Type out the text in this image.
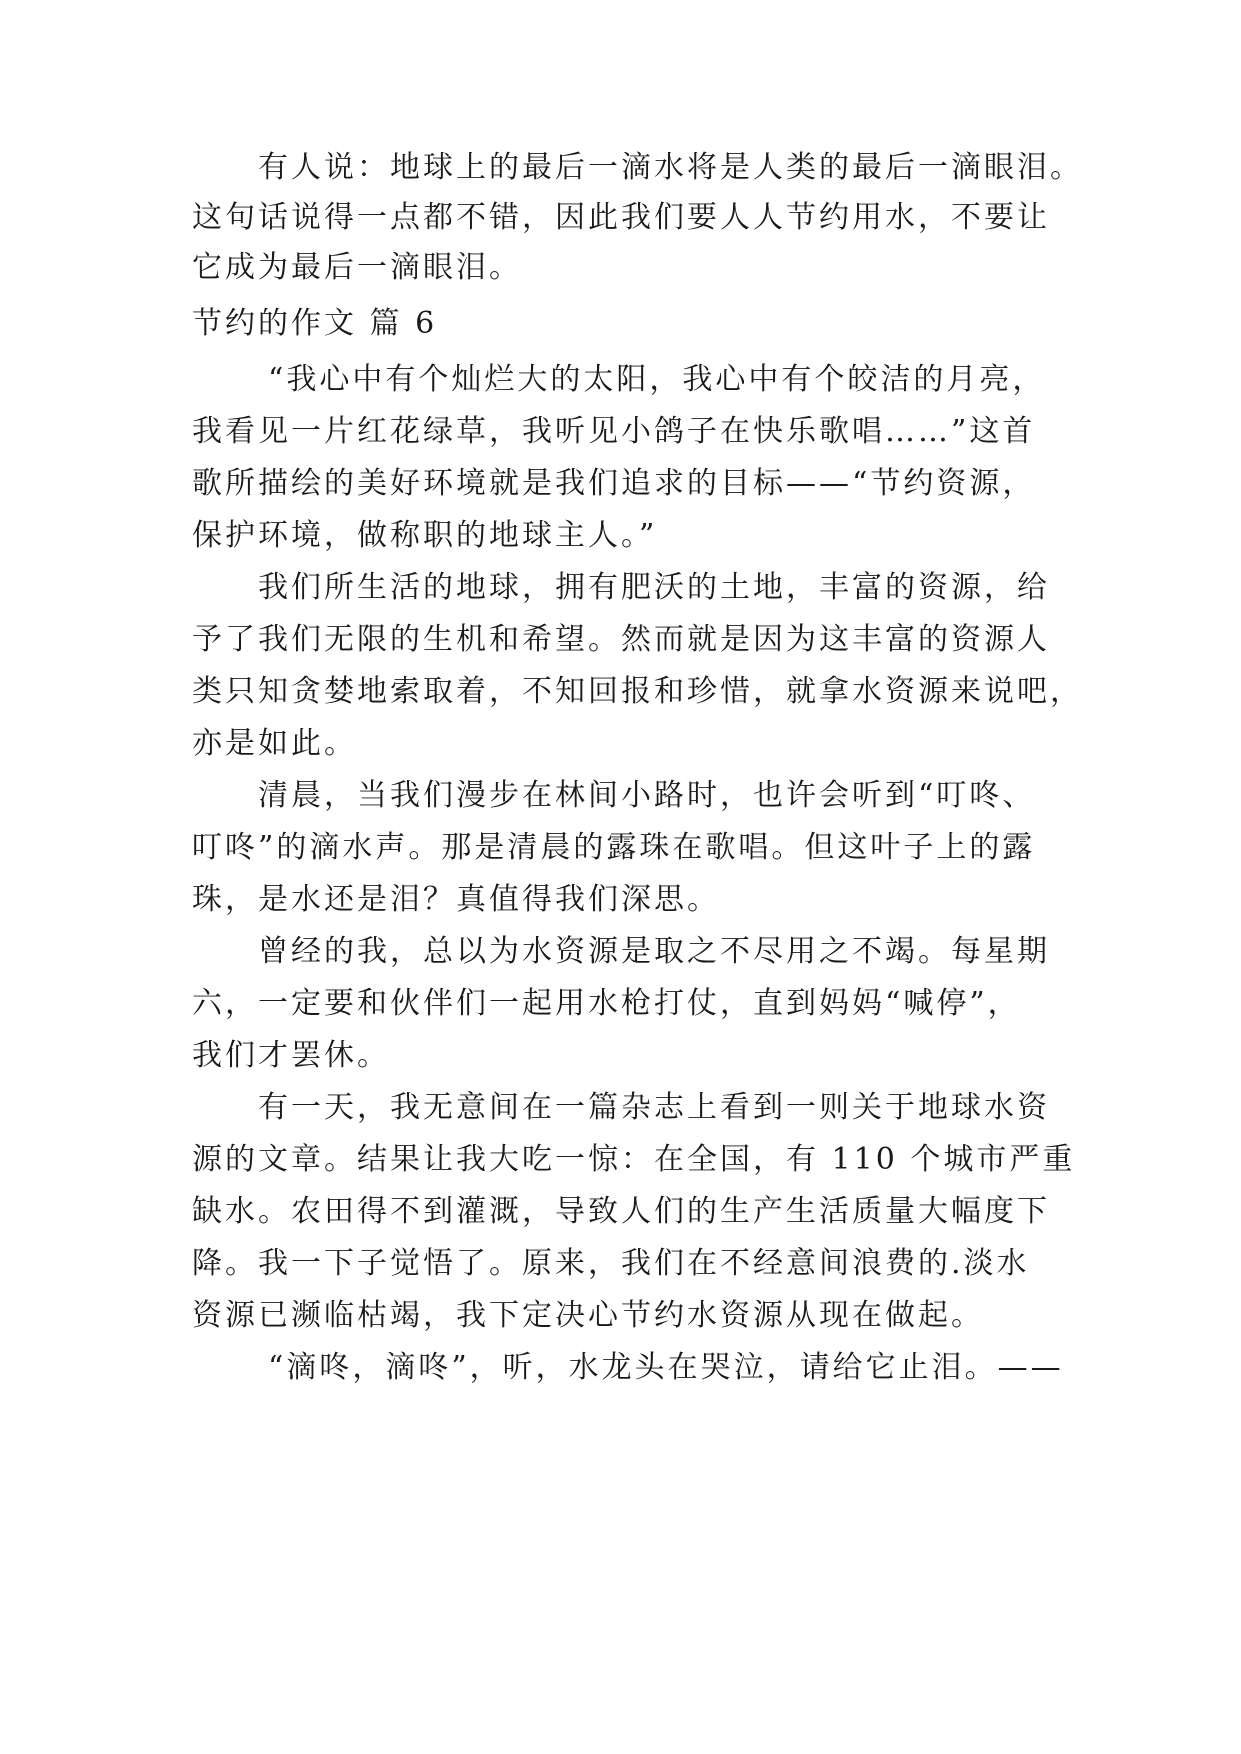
有人说：地球上的最后一滴水将是人类的最后一滴眼泪。
这句话说得一点都不错，因此我们要人人节约用水，不要让
它成为最后一滴眼泪。
节约的作文 篇 6
“我心中有个灿烂大的太阳，我心中有个皎洁的月亮，
我看见一片红花绿草，我听见小鸽子在快乐歌唱……”这首
歌所描绘的美好环境就是我们追求的目标——“节约资源，
保护环境，做称职的地球主人。”
我们所生活的地球，拥有肥沃的土地，丰富的资源，给
予了我们无限的生机和希望。然而就是因为这丰富的资源人
类只知贪婪地索取着，不知回报和珍惜，就拿水资源来说吧，
亦是如此。
清晨，当我们漫步在林间小路时，也许会听到“叮咚、
叮咚”的滴水声。那是清晨的露珠在歌唱。但这叶子上的露
珠，是水还是泪？真值得我们深思。
曾经的我，总以为水资源是取之不尽用之不竭。每星期
六，一定要和伙伴们一起用水枪打仗，直到妈妈“喊停”，
我们才罢休。
有一天，我无意间在一篇杂志上看到一则关于地球水资
源的文章。结果让我大吃一惊：在全国，有 110 个城市严重
缺水。农田得不到灌溉，导致人们的生产生活质量大幅度下
降。我一下子觉悟了。原来，我们在不经意间浪费的.淡水
资源已濒临枯竭，我下定决心节约水资源从现在做起。
“滴咚，滴咚”，听，水龙头在哭泣，请给它止泪。——
